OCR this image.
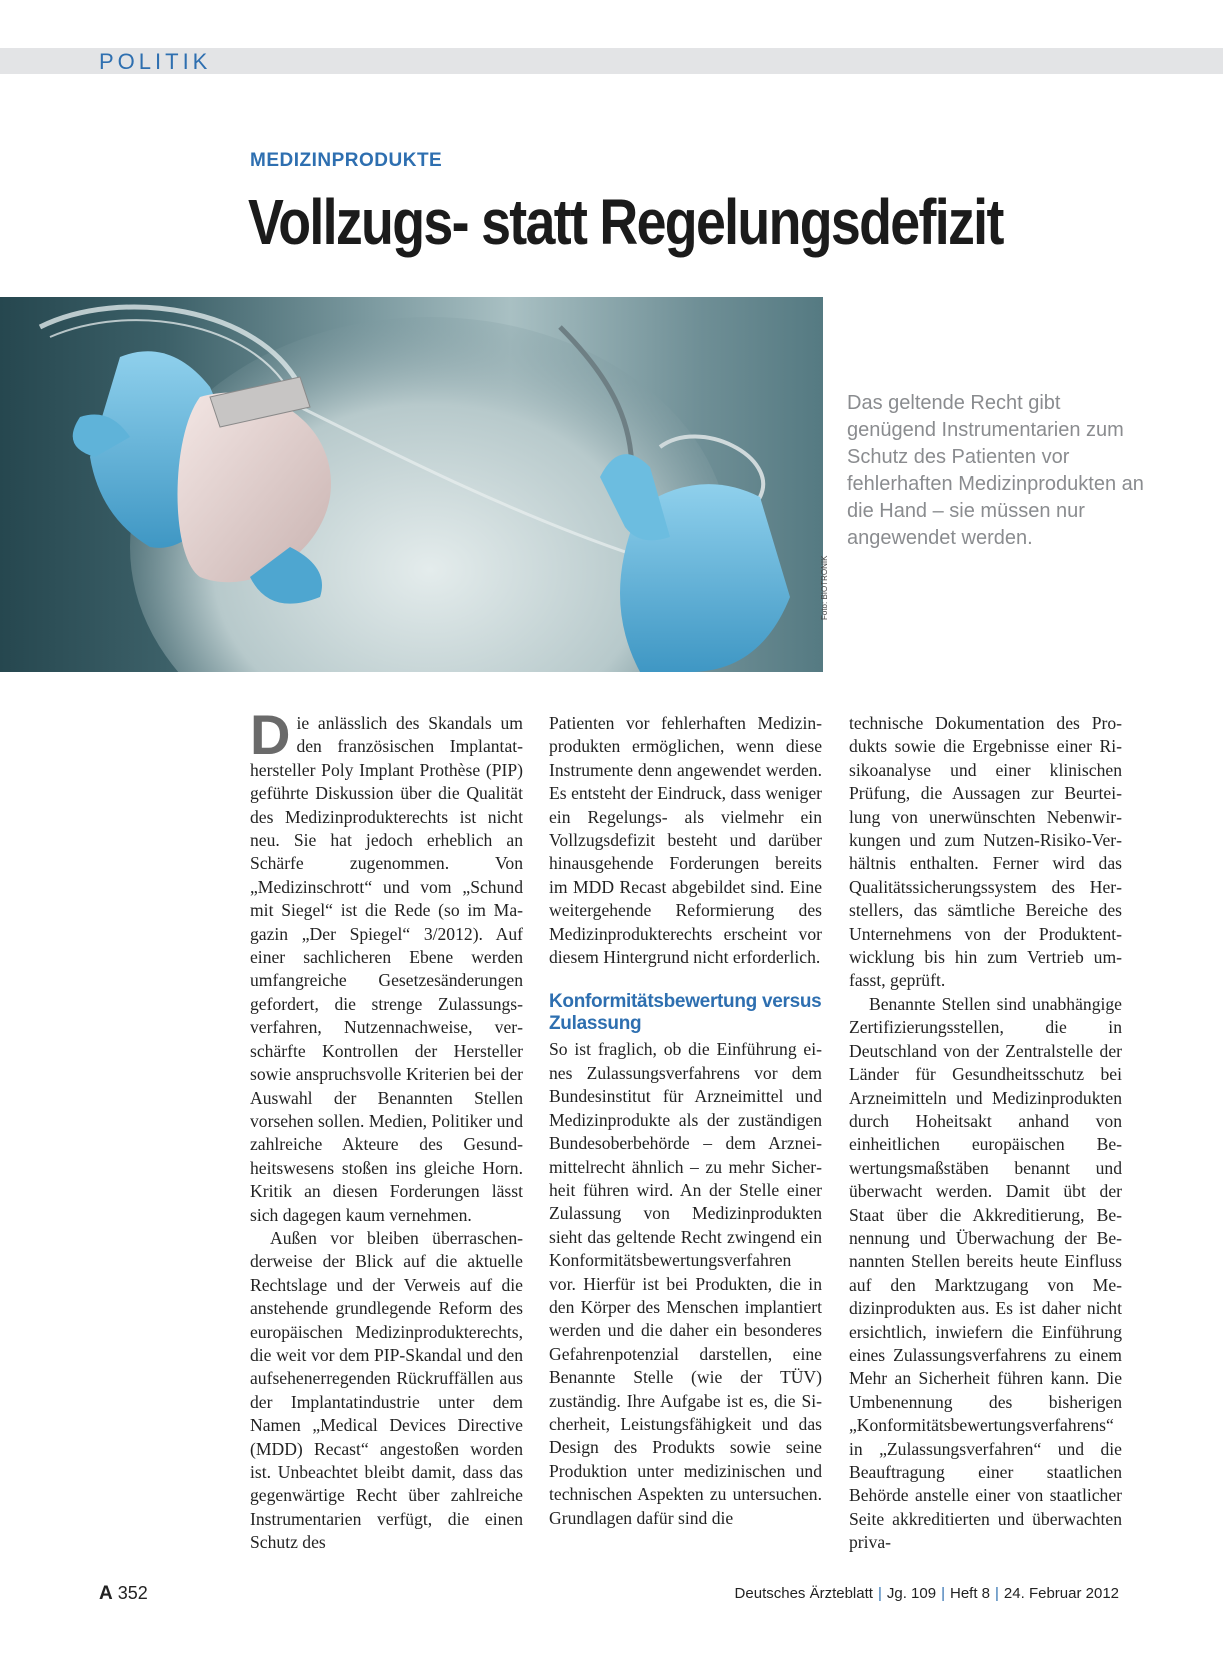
POLITIK
MEDIZINPRODUKTE
Vollzugs- statt Regelungsdefizit
Foto: BIOTRONIK

Das geltende Recht gibt genügend Instrumentarien zum Schutz des Patienten vor fehlerhaften Medizinprodukten an die Hand – sie müssen nur angewendet werden.

Die anlässlich des Skandals um den französischen Implantathersteller Poly Implant Prothèse (PIP) geführte Diskussion über die Qualität des Medizinprodukterechts ist nicht neu. Sie hat jedoch erheblich an Schärfe zugenommen. Von „Medizinschrott“ und vom „Schund mit Siegel“ ist die Rede (so im Magazin „Der Spiegel“ 3/2012). Auf einer sachlicheren Ebene werden umfangreiche Gesetzesänderungen gefordert, die strenge Zulassungsverfahren, Nutzennachweise, verschärfte Kontrollen der Hersteller sowie anspruchsvolle Kriterien bei der Auswahl der Benannten Stellen vorsehen sollen. Medien, Politiker und zahlreiche Akteure des Gesundheitswesens stoßen ins gleiche Horn. Kritik an diesen Forderungen lässt sich dagegen kaum vernehmen.

Außen vor bleiben überraschenderweise der Blick auf die aktuelle Rechtslage und der Verweis auf die anstehende grundlegende Reform des europäischen Medizinprodukterechts, die weit vor dem PIP-Skandal und den aufsehenerregenden Rückruffällen aus der Implantatindustrie unter dem Namen „Medical Devices Directive (MDD) Recast“ angestoßen worden ist. Unbeachtet bleibt damit, dass das gegenwärtige Recht über zahlreiche Instrumentarien verfügt, die einen Schutz des

Patienten vor fehlerhaften Medizinprodukten ermöglichen, wenn diese Instrumente denn angewendet werden. Es entsteht der Eindruck, dass weniger ein Regelungs- als vielmehr ein Vollzugsdefizit besteht und darüber hinausgehende Forderungen bereits im MDD Recast abgebildet sind. Eine weitergehende Reformierung des Medizinprodukterechts erscheint vor diesem Hintergrund nicht erforderlich.

Konformitätsbewertung versus Zulassung

So ist fraglich, ob die Einführung eines Zulassungsverfahrens vor dem Bundesinstitut für Arzneimittel und Medizinprodukte als der zuständigen Bundesoberbehörde – dem Arzneimittelrecht ähnlich – zu mehr Sicherheit führen wird. An der Stelle einer Zulassung von Medizinprodukten sieht das geltende Recht zwingend ein Konformitätsbewertungsverfahren vor. Hierfür ist bei Produkten, die in den Körper des Menschen implantiert werden und die daher ein besonderes Gefahrenpotenzial darstellen, eine Benannte Stelle (wie der TÜV) zuständig. Ihre Aufgabe ist es, die Sicherheit, Leistungsfähigkeit und das Design des Produkts sowie seine Produktion unter medizinischen und technischen Aspekten zu untersuchen. Grundlagen dafür sind die

technische Dokumentation des Produkts sowie die Ergebnisse einer Risikoanalyse und einer klinischen Prüfung, die Aussagen zur Beurteilung von unerwünschten Nebenwirkungen und zum Nutzen-Risiko-Verhältnis enthalten. Ferner wird das Qualitätssicherungssystem des Herstellers, das sämtliche Bereiche des Unternehmens von der Produktentwicklung bis hin zum Vertrieb umfasst, geprüft.

Benannte Stellen sind unabhängige Zertifizierungsstellen, die in Deutschland von der Zentralstelle der Länder für Gesundheitsschutz bei Arzneimitteln und Medizinprodukten durch Hoheitsakt anhand von einheitlichen europäischen Bewertungsmaßstäben benannt und überwacht werden. Damit übt der Staat über die Akkreditierung, Benennung und Überwachung der Benannten Stellen bereits heute Einfluss auf den Marktzugang von Medizinprodukten aus. Es ist daher nicht ersichtlich, inwiefern die Einführung eines Zulassungsverfahrens zu einem Mehr an Sicherheit führen kann. Die Umbenennung des bisherigen „Konformitätsbewertungsverfahrens“ in „Zulassungsverfahren“ und die Beauftragung einer staatlichen Behörde anstelle einer von staatlicher Seite akkreditierten und überwachten priva-

A 352	Deutsches Ärzteblatt | Jg. 109 | Heft 8 | 24. Februar 2012
